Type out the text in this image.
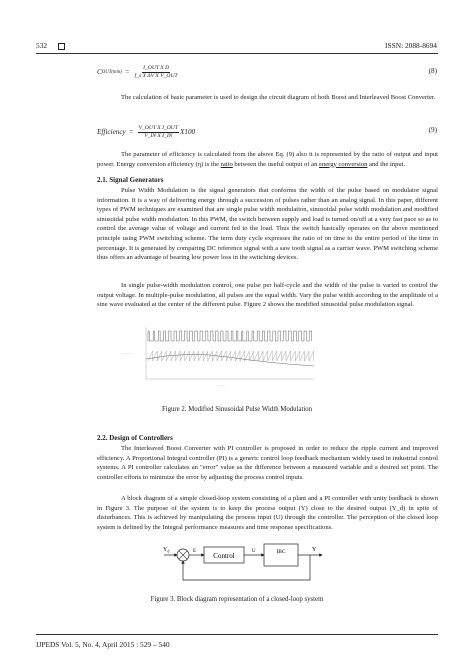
532	ISSN: 2088-8694
C $OUT(\min) = \frac{\text{I\_OUT X D}}{\text{f\_s X ΔV X V\_OUT}}$	(8)
The calculation of basic parameter is used to design the circuit diagram of both Boost and Interleaved Boost Converter.
Efficiency = $\frac{\text{V\_OUT X I\_OUT}}{\text{V\_IN X I\_IN}} X100$	(9)
The parameter of efficiency is calculated from the above Eq. (9) also it is represented by the ratio of output and input power. Energy conversion efficiency (η) is the ratio between the useful output of an energy conversion and the input.
2.1. Signal Generators
Pulse Width Modulation is the signal generators that conforms the width of the pulse based on modulator signal information. It is a way of delivering energy through a succession of pulses rather than an analog signal. In this paper, different types of PWM techniques are examined that are single pulse width modulation, sinusoidal pulse width modulation and modified sinusoidal pulse width modulation. In this PWM, the switch between supply and load is turned on/off at a very fast pace so as to control the average value of voltage and current fed to the load. Thus the switch basically operates on the above mentioned principle using PWM switching scheme. The term duty cycle expresses the ratio of on time to the entire period of the time in percentage. It is generated by comparing DC reference signal with a saw tooth signal as a carrier wave. PWM switching scheme thus offers an advantage of bearing low power loss in the switching devices.
In single pulse-width modulation control, one pulse per half-cycle and the width of the pulse is varied to control the output voltage. In multiple-pulse modulation, all pulses are the equal width. Vary the pulse width according to the amplitude of a sine wave evaluated at the center of the different pulse. Figure 2 shows the modified sinusoidal pulse modulation signal.
— — —
— —
Figure 2. Modified Sinusoidal Pulse Width Modulation
2.2. Design of Controllers
The Interleaved Boost Converter with PI controller is proposed in order to reduce the ripple current and improved efficiency. A Proportional Integral controller (PI) is a generic control loop feedback mechanism widely used in industrial control systems. A PI controller calculates an "error" value as the difference between a measured variable and a desired set point. The controller efforts to minimize the error by adjusting the process control inputs.
A block diagram of a simple closed-loop system consisting of a plant and a PI controller with unity feedback is shown in Figure 3. The purpose of the system is to keep the process output (Y) close to the desired output (Y_d) in spite of disturbances. This is achieved by manipulating the process input (U) through the controller. The perception of the closed loop system is defined by the Integral performance measures and time response specifications.
$Y_d$	E
Control
U	IBC	Y
Figure 3. Block diagram representation of a closed-loop system
IJPEDS Vol. 5, No. 4, April 2015 : 529 – 540
